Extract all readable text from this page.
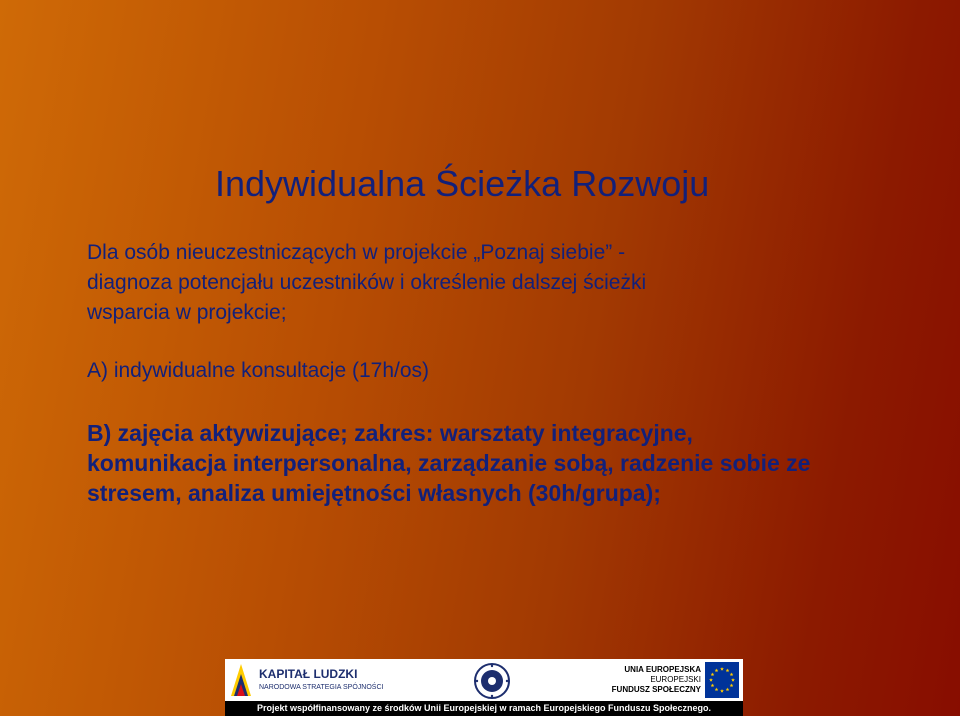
Indywidualna Ścieżka Rozwoju
Dla osób nieuczestniczących w projekcie „Poznaj siebie” -
diagnoza potencjału uczestników i określenie dalszej ścieżki
wsparcia w projekcie;
A) indywidualne konsultacje (17h/os)
B) zajęcia aktywizujące; zakres: warsztaty integracyjne,
komunikacja interpersonalna, zarządzanie sobą, radzenie sobie ze
stresem, analiza umiejętności własnych (30h/grupa);
KAPITAŁ LUDZKI
NARODOWA STRATEGIA SPÓJNOŚCI
UNIA EUROPEJSKA
EUROPEJSKI
FUNDUSZ SPOŁECZNY
Projekt współfinansowany ze środków Unii Europejskiej w ramach Europejskiego Funduszu Społecznego.
